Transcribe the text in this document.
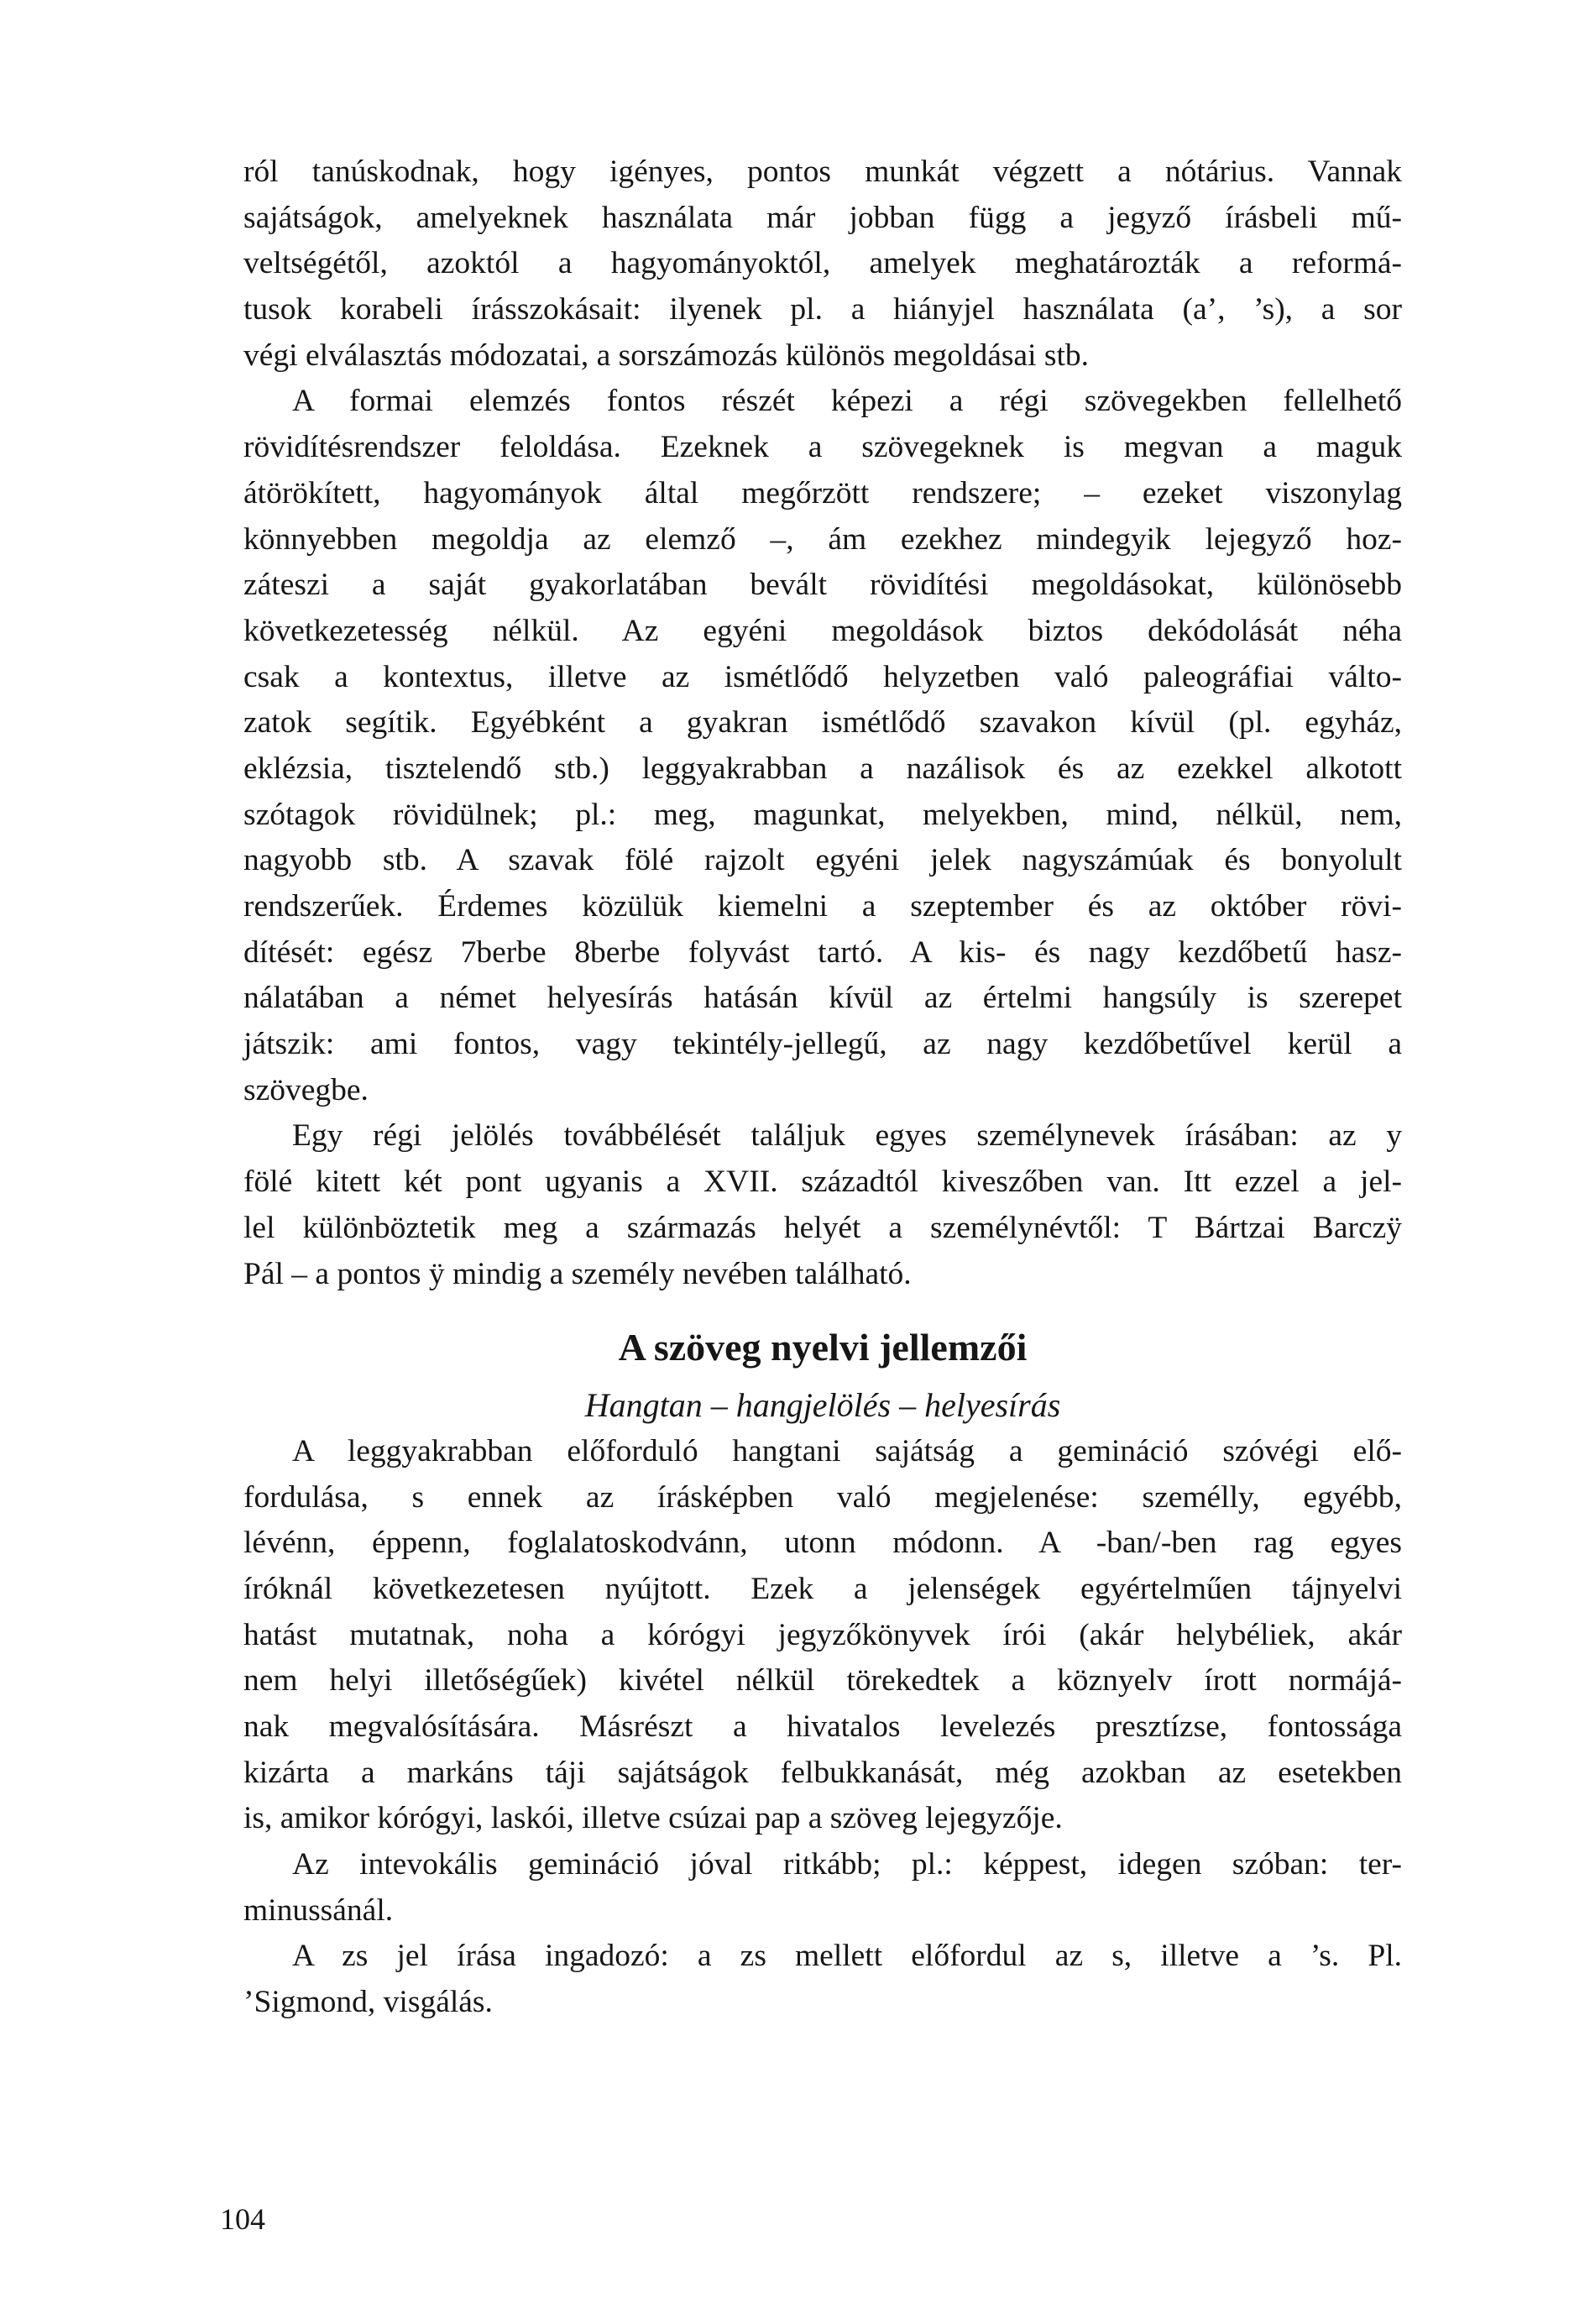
ról tanúskodnak, hogy igényes, pontos munkát végzett a nótárius. Vannak
sajátságok, amelyeknek használata már jobban függ a jegyző írásbeli mű-
veltségétől, azoktól a hagyományoktól, amelyek meghatározták a reformá-
tusok korabeli írásszokásait: ilyenek pl. a hiányjel használata (a’, ’s), a sor
végi elválasztás módozatai, a sorszámozás különös megoldásai stb.
A formai elemzés fontos részét képezi a régi szövegekben fellelhető
rövidítésrendszer feloldása. Ezeknek a szövegeknek is megvan a maguk
átörökített, hagyományok által megőrzött rendszere; – ezeket viszonylag
könnyebben megoldja az elemző –, ám ezekhez mindegyik lejegyző hoz-
záteszi a saját gyakorlatában bevált rövidítési megoldásokat, különösebb
következetesség nélkül. Az egyéni megoldások biztos dekódolását néha
csak a kontextus, illetve az ismétlődő helyzetben való paleográfiai válto-
zatok segítik. Egyébként a gyakran ismétlődő szavakon kívül (pl. egyház,
eklézsia, tisztelendő stb.) leggyakrabban a nazálisok és az ezekkel alkotott
szótagok rövidülnek; pl.: meg, magunkat, melyekben, mind, nélkül, nem,
nagyobb stb. A szavak fölé rajzolt egyéni jelek nagyszámúak és bonyolult
rendszerűek. Érdemes közülük kiemelni a szeptember és az október rövi-
dítését: egész 7berbe 8berbe folyvást tartó. A kis- és nagy kezdőbetű hasz-
nálatában a német helyesírás hatásán kívül az értelmi hangsúly is szerepet
játszik: ami fontos, vagy tekintély-jellegű, az nagy kezdőbetűvel kerül a
szövegbe.
Egy régi jelölés továbbélését találjuk egyes személynevek írásában: az y
fölé kitett két pont ugyanis a XVII. századtól kiveszőben van. Itt ezzel a jel-
lel különböztetik meg a származás helyét a személynévtől: T Bártzai Barczÿ
Pál – a pontos ÿ mindig a személy nevében található.
A szöveg nyelvi jellemzői
Hangtan – hangjelölés – helyesírás
A leggyakrabban előforduló hangtani sajátság a gemináció szóvégi elő-
fordulása, s ennek az írásképben való megjelenése: személly, egyébb,
lévénn, éppenn, foglalatoskodvánn, utonn módonn. A -ban/-ben rag egyes
íróknál következetesen nyújtott. Ezek a jelenségek egyértelműen tájnyelvi
hatást mutatnak, noha a kórógyi jegyzőkönyvek írói (akár helybéliek, akár
nem helyi illetőségűek) kivétel nélkül törekedtek a köznyelv írott normájá-
nak megvalósítására. Másrészt a hivatalos levelezés presztízse, fontossága
kizárta a markáns táji sajátságok felbukkanását, még azokban az esetekben
is, amikor kórógyi, laskói, illetve csúzai pap a szöveg lejegyzője.
Az intevokális gemináció jóval ritkább; pl.: képpest, idegen szóban: ter-
minussánál.
A zs jel írása ingadozó: a zs mellett előfordul az s, illetve a ’s. Pl.
’Sigmond, visgálás.
104
